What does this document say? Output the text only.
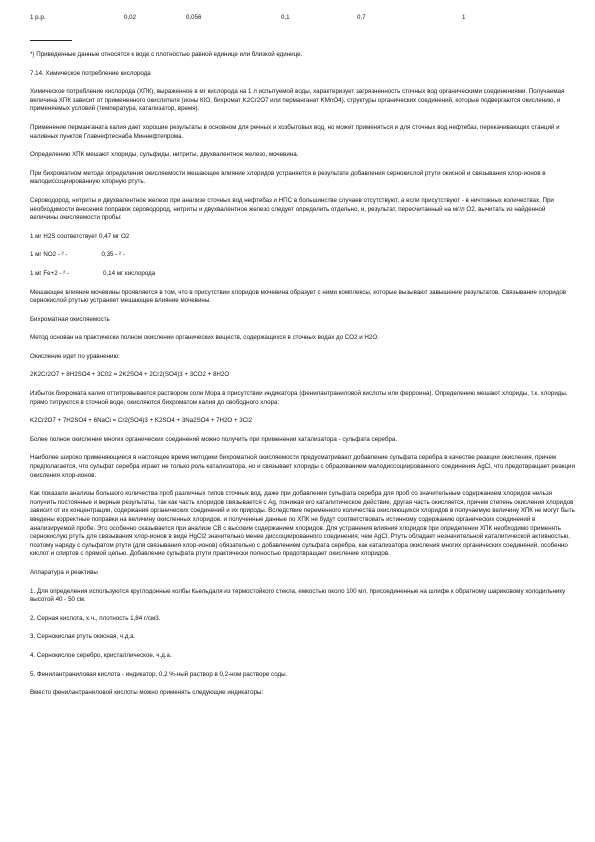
1 р.р.	0,02	0,056	0,1	0,7	1

*) Приведенные данные относятся к воде с плотностью равной единице или близкой единице.

7.14. Химическое потребление кислорода

Химическое потребление кислорода (ХПК), выраженное в мг кислорода на 1 л испытуемой воды, характеризует загрязненность сточных вод органическими соединениями. Получаемая величина ХПК зависит от примененного окислителя (ионы КIO, бихромат K2Cr2O7 или перманганат KMnO4), структуры органических соединений, которые подвергаются окислению, и применяемых условий (температура, катализатор, время).

Применение перманганата калия дает хорошие результаты в основном для речных и хозбытовых вод, но может применяться и для сточных вод нефтебаз, перекачивающих станций и наливных пунктов Главнефтеснаба Миннефтепрома.

Определению ХПК мешают хлориды, сульфиды, нитриты, двухвалентное железо, мочевина.

При бихроматном методе определения окисляемости мешающее влияние хлоридов устраняется в результате добавления сернокислой ртути окисной и связывания хлор-ионов в малодиссоциированную хлорную ртуть.

Сероводород, нитриты и двухвалентное железо при анализе сточных вод нефтебаз и НПС в большинстве случаев отсутствуют, а если присутствуют - в ничтожных количествах. При необходимости внесения поправок сероводород, нитриты и двухвалентное железо следует определить отдельно, и, результат, пересчитанный на мг/л O2, вычитать из найденной величины окисляемости пробы:

1 мг H2S соответствует 0,47 мг O2

1 мг NO2 - ² -	0,35 - ² -

1 мг Fe+2 - ² -	0,14 мг кислорода

Мешающее влияние мочевины проявляется в том, что в присутствии хлоридов мочевина образует с ними комплексы, которые вызывают завышение результатов. Связывание хлоридов сернокислой ртутью устраняет мешающее влияние мочевины.

Бихроматная окисляемость

Метод основан на практически полном окислении органических веществ, содержащихся в сточных водах до CO2 и H2O.

Окисление идет по уравнению:

2K2Cr2O7 + 8H2SO4 + 3C02 = 2K2SO4 + 2Cr2(SO4)3 + 3CO2 + 8H2O

Избыток бихромата калия оттитровывается раствором соли Мора в присутствии индикатора (фенилантраниловой кислоты или ферроина). Определению мешают хлориды, т.к. хлориды, прямо титруются в сточной воде, окисляются бихроматом калия до свободного хлора:

K2Cr2O7 + 7H2SO4 + 6NaCl = Cr2(SO4)3 + K2SO4 + 3Na2SO4 + 7H2O + 3Cl2

Более полное окисление многих органических соединений можно получить при применении катализатора - сульфата серебра.

Наиболее широко применяющиеся в настоящее время методики бихроматной окисляемости предусматривают добавление сульфата серебра в качестве реакции окисления, причем предполагается, что сульфат серебра играет не только роль катализатора, но и связывает хлориды с образованием малодиссоциированного соединения AgCl, что предотвращает реакции окисления хлор-ионов.

Как показали анализы большого количества проб различных типов сточных вод, даже при добавлении сульфата серебра для проб со значительным содержанием хлоридов нельзя получить постоянные и верные результаты, так как часть хлоридов связывается с Ag, понижая его каталитическое действие, другая часть окисляется, причем степень окисления хлоридов зависит от их концентрации, содержания органических соединений и их природы. Вследствие переменного количества окисляющихся хлоридов в получаемую величину ХПК не могут быть введены корректные поправки на величину окисленных хлоридов, и полученные данные по ХПК не будут соответствовать истинному содержанию органических соединений в анализируемой пробе. Это особенно сказывается при анализе СВ с высоким содержанием хлоридов. Для устранения влияния хлоридов при определении ХПК необходимо применять сернокислую ртуть для связывания хлор-ионов в виде HgCl2 значительно менее диссоциированного соединения, чем AgCl. Ртуть обладает незначительной каталитической активностью, поэтому наряду с сульфатом ртути (для связывания хлор-ионов) обязательно с добавлением сульфата серебра, как катализатора окисления многих органических соединений, особенно кислот и спиртов с прямой цепью. Добавление сульфата ртути практически полностью предотвращает окисление хлоридов.

Аппаратура и реактивы

1. Для определения используются круглодонные колбы Кьельдаля из термостойкого стекла, емкостью около 100 мл, присоединенные на шлифе к обратному шариковому холодильнику высотой 40 - 50 см.

2. Серная кислота, х.ч., плотность 1,84 г/см3.

3. Сернокислая ртуть окисная, ч.д.а.

4. Сернокислое серебро, кристаллическое, ч.д.а.

5. Фенилантраниловая кислота - индикатор, 0,2 %-ный раствор в 0,2-ном растворе соды.

Вместо фенилантраниловой кислоты можно применять следующие индикаторы:
